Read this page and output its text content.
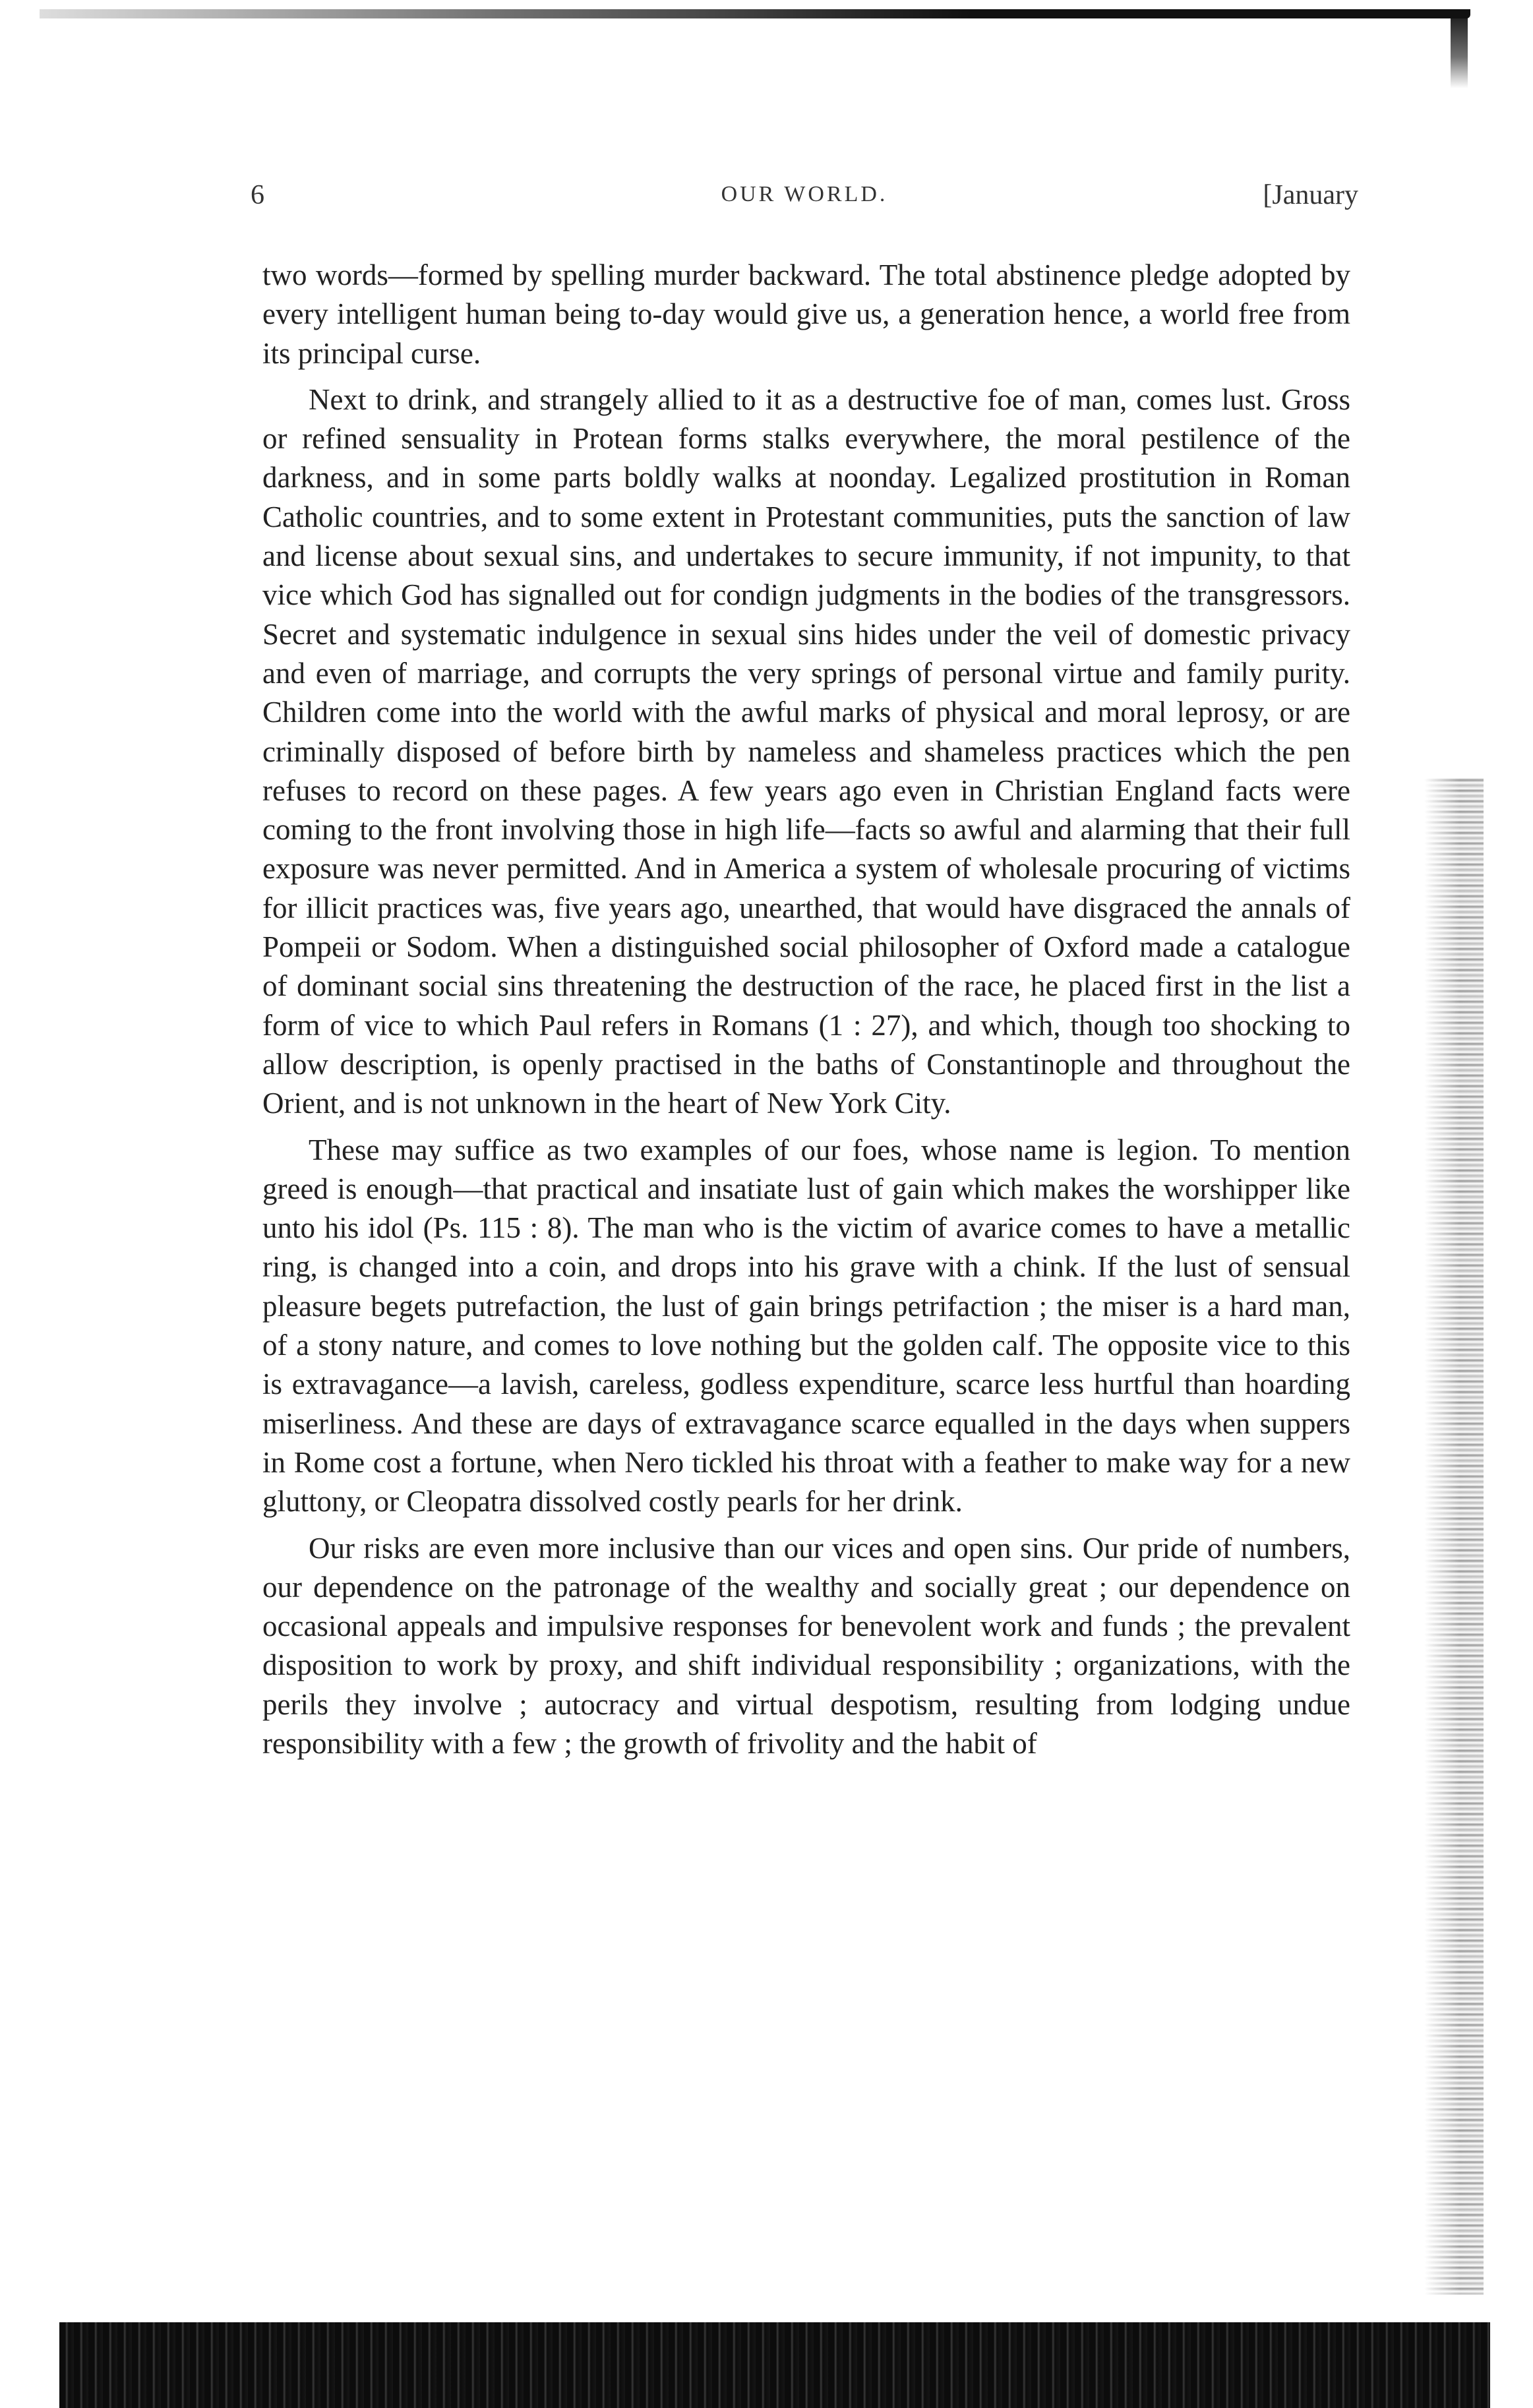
6	OUR WORLD.	[January

two words—formed by spelling murder backward. The total abstinence pledge adopted by every intelligent human being to-day would give us, a generation hence, a world free from its principal curse.

Next to drink, and strangely allied to it as a destructive foe of man, comes lust. Gross or refined sensuality in Protean forms stalks everywhere, the moral pestilence of the darkness, and in some parts boldly walks at noonday. Legalized prostitution in Roman Catholic countries, and to some extent in Protestant communities, puts the sanction of law and license about sexual sins, and undertakes to secure immunity, if not impunity, to that vice which God has signalled out for condign judgments in the bodies of the transgressors. Secret and systematic indulgence in sexual sins hides under the veil of domestic privacy and even of marriage, and corrupts the very springs of personal virtue and family purity. Children come into the world with the awful marks of physical and moral leprosy, or are criminally disposed of before birth by nameless and shameless practices which the pen refuses to record on these pages. A few years ago even in Christian England facts were coming to the front involving those in high life—facts so awful and alarming that their full exposure was never permitted. And in America a system of wholesale procuring of victims for illicit practices was, five years ago, unearthed, that would have disgraced the annals of Pompeii or Sodom. When a distinguished social philosopher of Oxford made a catalogue of dominant social sins threatening the destruction of the race, he placed first in the list a form of vice to which Paul refers in Romans (1 : 27), and which, though too shocking to allow description, is openly practised in the baths of Constantinople and throughout the Orient, and is not unknown in the heart of New York City.

These may suffice as two examples of our foes, whose name is legion. To mention greed is enough—that practical and insatiate lust of gain which makes the worshipper like unto his idol (Ps. 115 : 8). The man who is the victim of avarice comes to have a metallic ring, is changed into a coin, and drops into his grave with a chink. If the lust of sensual pleasure begets putrefaction, the lust of gain brings petrifaction ; the miser is a hard man, of a stony nature, and comes to love nothing but the golden calf. The opposite vice to this is extravagance—a lavish, careless, godless expenditure, scarce less hurtful than hoarding miserliness. And these are days of extravagance scarce equalled in the days when suppers in Rome cost a fortune, when Nero tickled his throat with a feather to make way for a new gluttony, or Cleopatra dissolved costly pearls for her drink.

Our risks are even more inclusive than our vices and open sins. Our pride of numbers, our dependence on the patronage of the wealthy and socially great ; our dependence on occasional appeals and impulsive responses for benevolent work and funds ; the prevalent disposition to work by proxy, and shift individual responsibility ; organizations, with the perils they involve ; autocracy and virtual despotism, resulting from lodging undue responsibility with a few ; the growth of frivolity and the habit of
